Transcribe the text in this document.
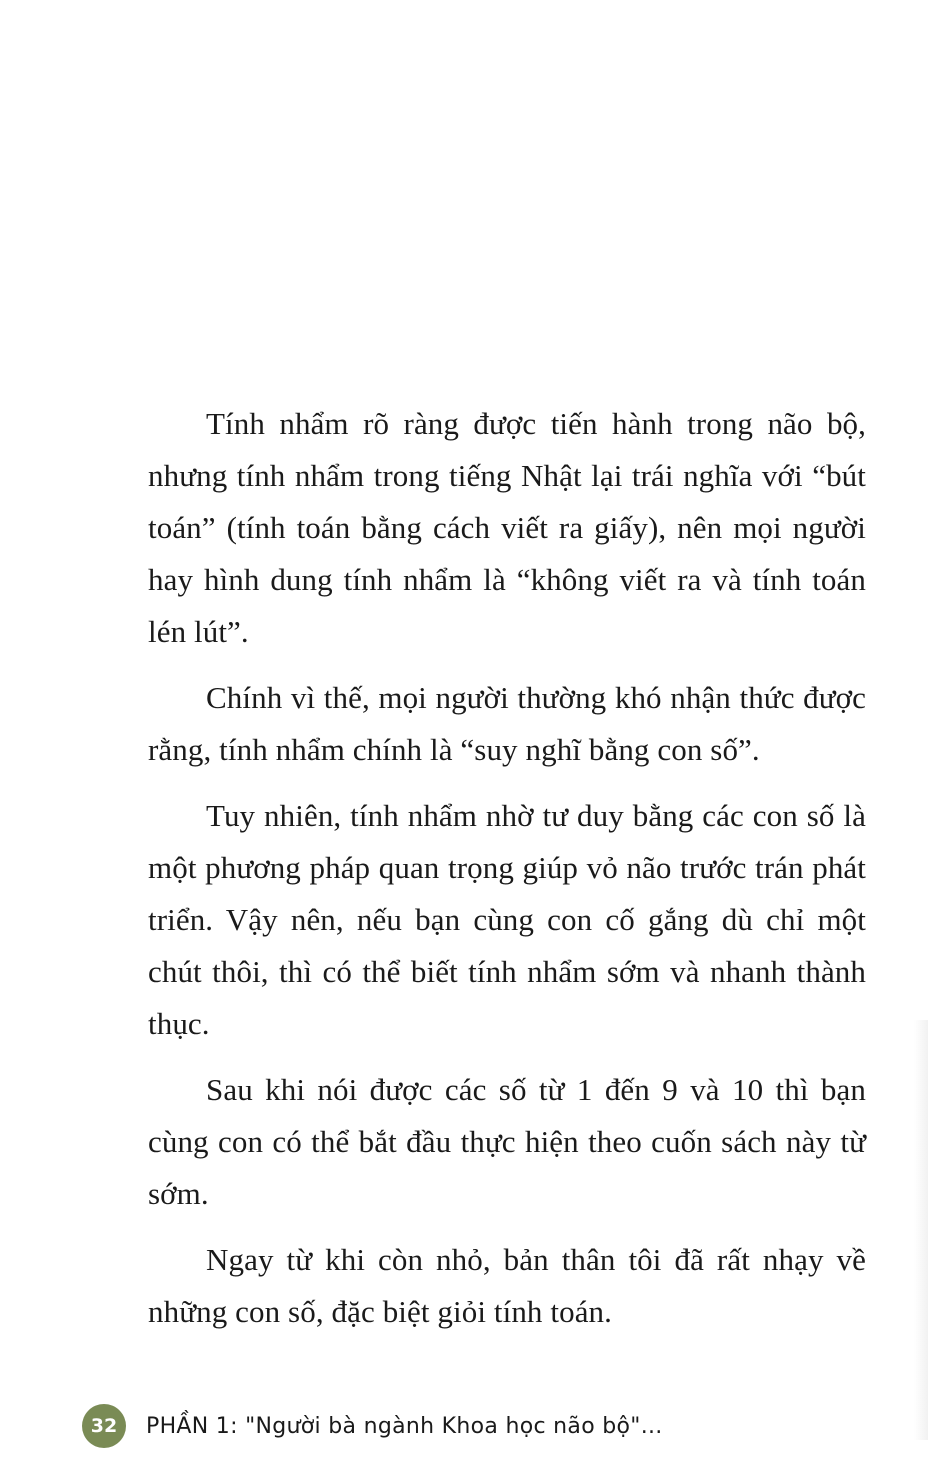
Tính nhẩm rõ ràng được tiến hành trong não bộ, nhưng tính nhẩm trong tiếng Nhật lại trái nghĩa với “bút toán” (tính toán bằng cách viết ra giấy), nên mọi người hay hình dung tính nhẩm là “không viết ra và tính toán lén lút”.

Chính vì thế, mọi người thường khó nhận thức được rằng, tính nhẩm chính là “suy nghĩ bằng con số”.

Tuy nhiên, tính nhẩm nhờ tư duy bằng các con số là một phương pháp quan trọng giúp vỏ não trước trán phát triển. Vậy nên, nếu bạn cùng con cố gắng dù chỉ một chút thôi, thì có thể biết tính nhẩm sớm và nhanh thành thục.

Sau khi nói được các số từ 1 đến 9 và 10 thì bạn cùng con có thể bắt đầu thực hiện theo cuốn sách này từ sớm.

Ngay từ khi còn nhỏ, bản thân tôi đã rất nhạy về những con số, đặc biệt giỏi tính toán.

32	PHẦN 1: "Người bà ngành Khoa học não bộ"...
